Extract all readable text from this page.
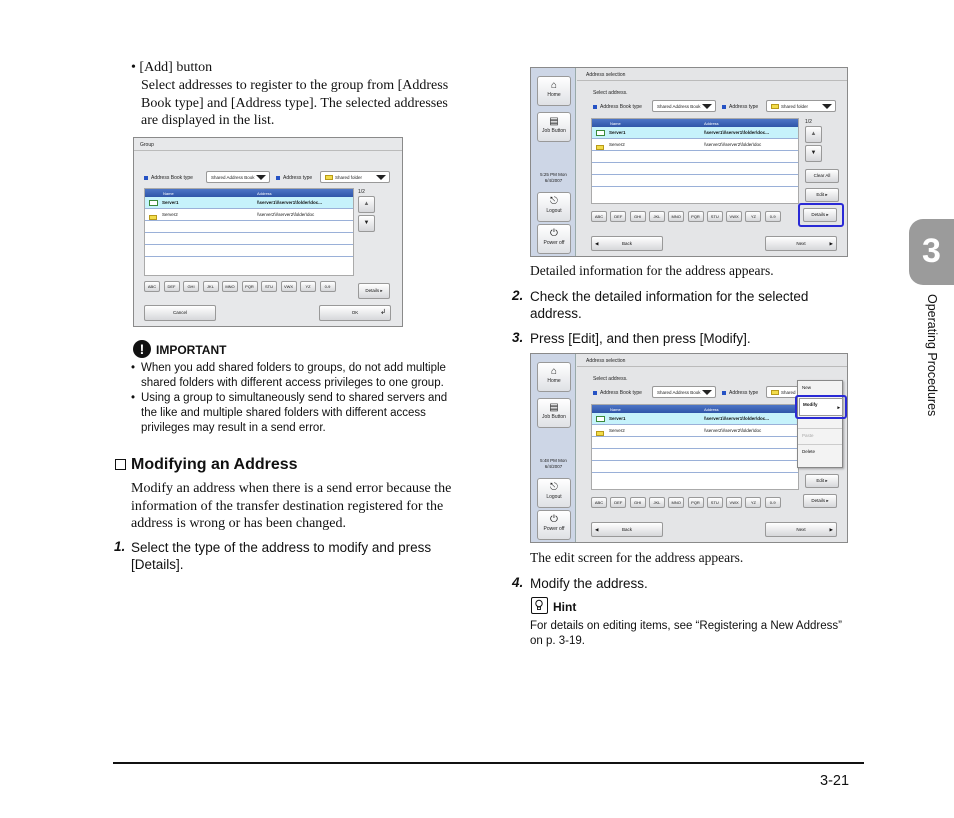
• [Add] button
Select addresses to register to the group from [Address
Book type] and [Address type]. The selected addresses
are displayed in the list.
Group
Address Book type	Shared Address Book	Address type	Shared folder
1/2
Name	Address
Server1	\\server1\\\server1\folder\doc...
Server2	\\server2\\\server2\folder\doc
▲
▼
ABC	DEF	GHI	JKL	MNO	PQR	STU	VWX	YZ	0-9
Details ▸
Cancel	OK	↲
! IMPORTANT
• When you add shared folders to groups, do not add multiple
shared folders with different access privileges to one group.
• Using a group to simultaneously send to shared servers and
the like and multiple shared folders with different access
privileges may result in a send error.
Modifying an Address
Modify an address when there is a send error because the
information of the transfer destination registered for the
address is wrong or has been changed.
1. Select the type of the address to modify and press
[Details].
⌂
Home
▤
Job Button
5:25 PM Mon
6/4/2007
⎋
Logout
⏻
Power off
Address selection
Select address.
Address Book type	Shared Address Book	Address type	Shared folder
1/2
Name	Address
Server1	\\server1\\\server1\folder\doc...
Server2	\\server2\\\server2\folder\doc
▲
▼
Clear All
Edit ▸
Details ▸
ABC	DEF	GHI	JKL	MNO	PQR	STU	VWX	YZ	0-9
◀	Back	Next	▶
Detailed information for the address appears.
2. Check the detailed information for the selected
address.
3. Press [Edit], and then press [Modify].
⌂
Home
▤
Job Button
5:48 PM Mon
6/4/2007
⎋
Logout
⏻
Power off
Address selection
Select address.
Address Book type	Shared Address Book	Address type	Shared
Name	Address
Server1	\\server1\\\server1\folder\doc...
Server2	\\server2\\\server2\folder\doc
Edit ▸
Details ▸
New
Modify
▸
Paste
Delete
ABC	DEF	GHI	JKL	MNO	PQR	STU	VWX	YZ	0-9
◀	Back	Next	▶
The edit screen for the address appears.
4. Modify the address.
Hint
For details on editing items, see “Registering a New Address”
on p. 3-19.
3
Operating Procedures
3-21
